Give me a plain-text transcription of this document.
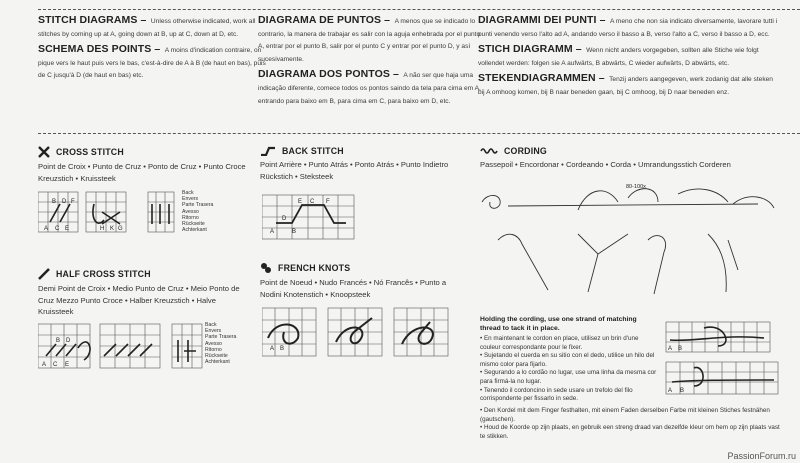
STITCH DIAGRAMS – Unless otherwise indicated, work all stitches by coming up at A, going down at B, up at C, down at D, etc.
SCHEMA DES POINTS – A moins d'indication contraire, on pique vers le haut puis vers le bas, c'est-à-dire de A à B (de haut en bas), puis de C jusqu'à D (de haut en bas) etc.
DIAGRAMA DE PUNTOS – A menos que se indicado lo contrario, la manera de trabajar es salir con la aguja enhebrada por el punto A, entrar por el punto B, salir por el punto C y entrar por el punto D, y así sucesivamente.
DIAGRAMA DOS PONTOS – A não ser que haja uma indicação diferente, comece todos os pontos saindo da tela para cima em A, entrando para baixo em B, para cima em C, para baixo em D, etc.
DIAGRAMMI DEI PUNTI – A meno che non sia indicato diversamente, lavorare tutti i punti venendo verso l'alto ad A, andando verso il basso a B, verso l'alto a C, verso il basso a D, ecc.
STICH DIAGRAMM – Wenn nicht anders vorgegeben, sollten alle Stiche wie folgt vollendet werden: folgen sie A aufwärts, B abwärts, C wieder aufwärts, D abwärts, etc.
STEKENDIAGRAMMEN – Tenzij anders aangegeven, werk zodanig dat alle steken bij A omhoog komen, bij B naar beneden gaan, bij C omhoog, bij D naar beneden enz.
CROSS STITCH
Point de Croix • Punto de Cruz • Ponto de Cruz • Punto Croce Kreuzstich • Kruissteek
B D F
A C E	H K G
Back
Envers
Parte Trasera
Avesso
Ritorno
Rückseite
Achterkant
HALF CROSS STITCH
Demi Point de Croix • Medio Punto de Cruz • Meio Ponto de Cruz Mezzo Punto Croce • Halber Kreuzstich • Halve Kruissteek
B D
A C E
Back
Envers
Parte Trasera
Avesso
Ritorno
Rückseite
Achterkant
BACK STITCH
Point Arrière • Punto Atrás • Ponto Atrás • Punto Indietro Rückstich • Steksteek
E C F
D
A	B
FRENCH KNOTS
Point de Noeud • Nudo Francés • Nó Francês • Punto a Nodini Knotenstich • Knoopsteek
A B
CORDING
Passepoil • Encordonar • Cordeando • Corda • Umrandungsstich Corderen
80-100x
Holding the cording, use one strand of matching thread to tack it in place.
• En maintenant le cordon en place, utilisez un brin d'une couleur correspondante pour le fixer.
• Sujetando el cuerda en su sitio con el dedo, utilice un hilo del mismo color para fijarlo.
• Segurando a lo cordão no lugar, use uma linha da mesma cor para firmá-la no lugar.
• Tenendo il cordoncino in sede usare un trefolo del filo corrispondente per fissarlo in sede.
• Den Kordel mit dem Finger festhalten, mit einem Faden derselben Farbe mit kleinen Stiches festnähen (gautschen).
• Houd de Koorde op zijn plaats, en gebruik een streng draad van dezelfde kleur om hem op zijn plaats vast te stikken.
A B
A B
PassionForum.ru
